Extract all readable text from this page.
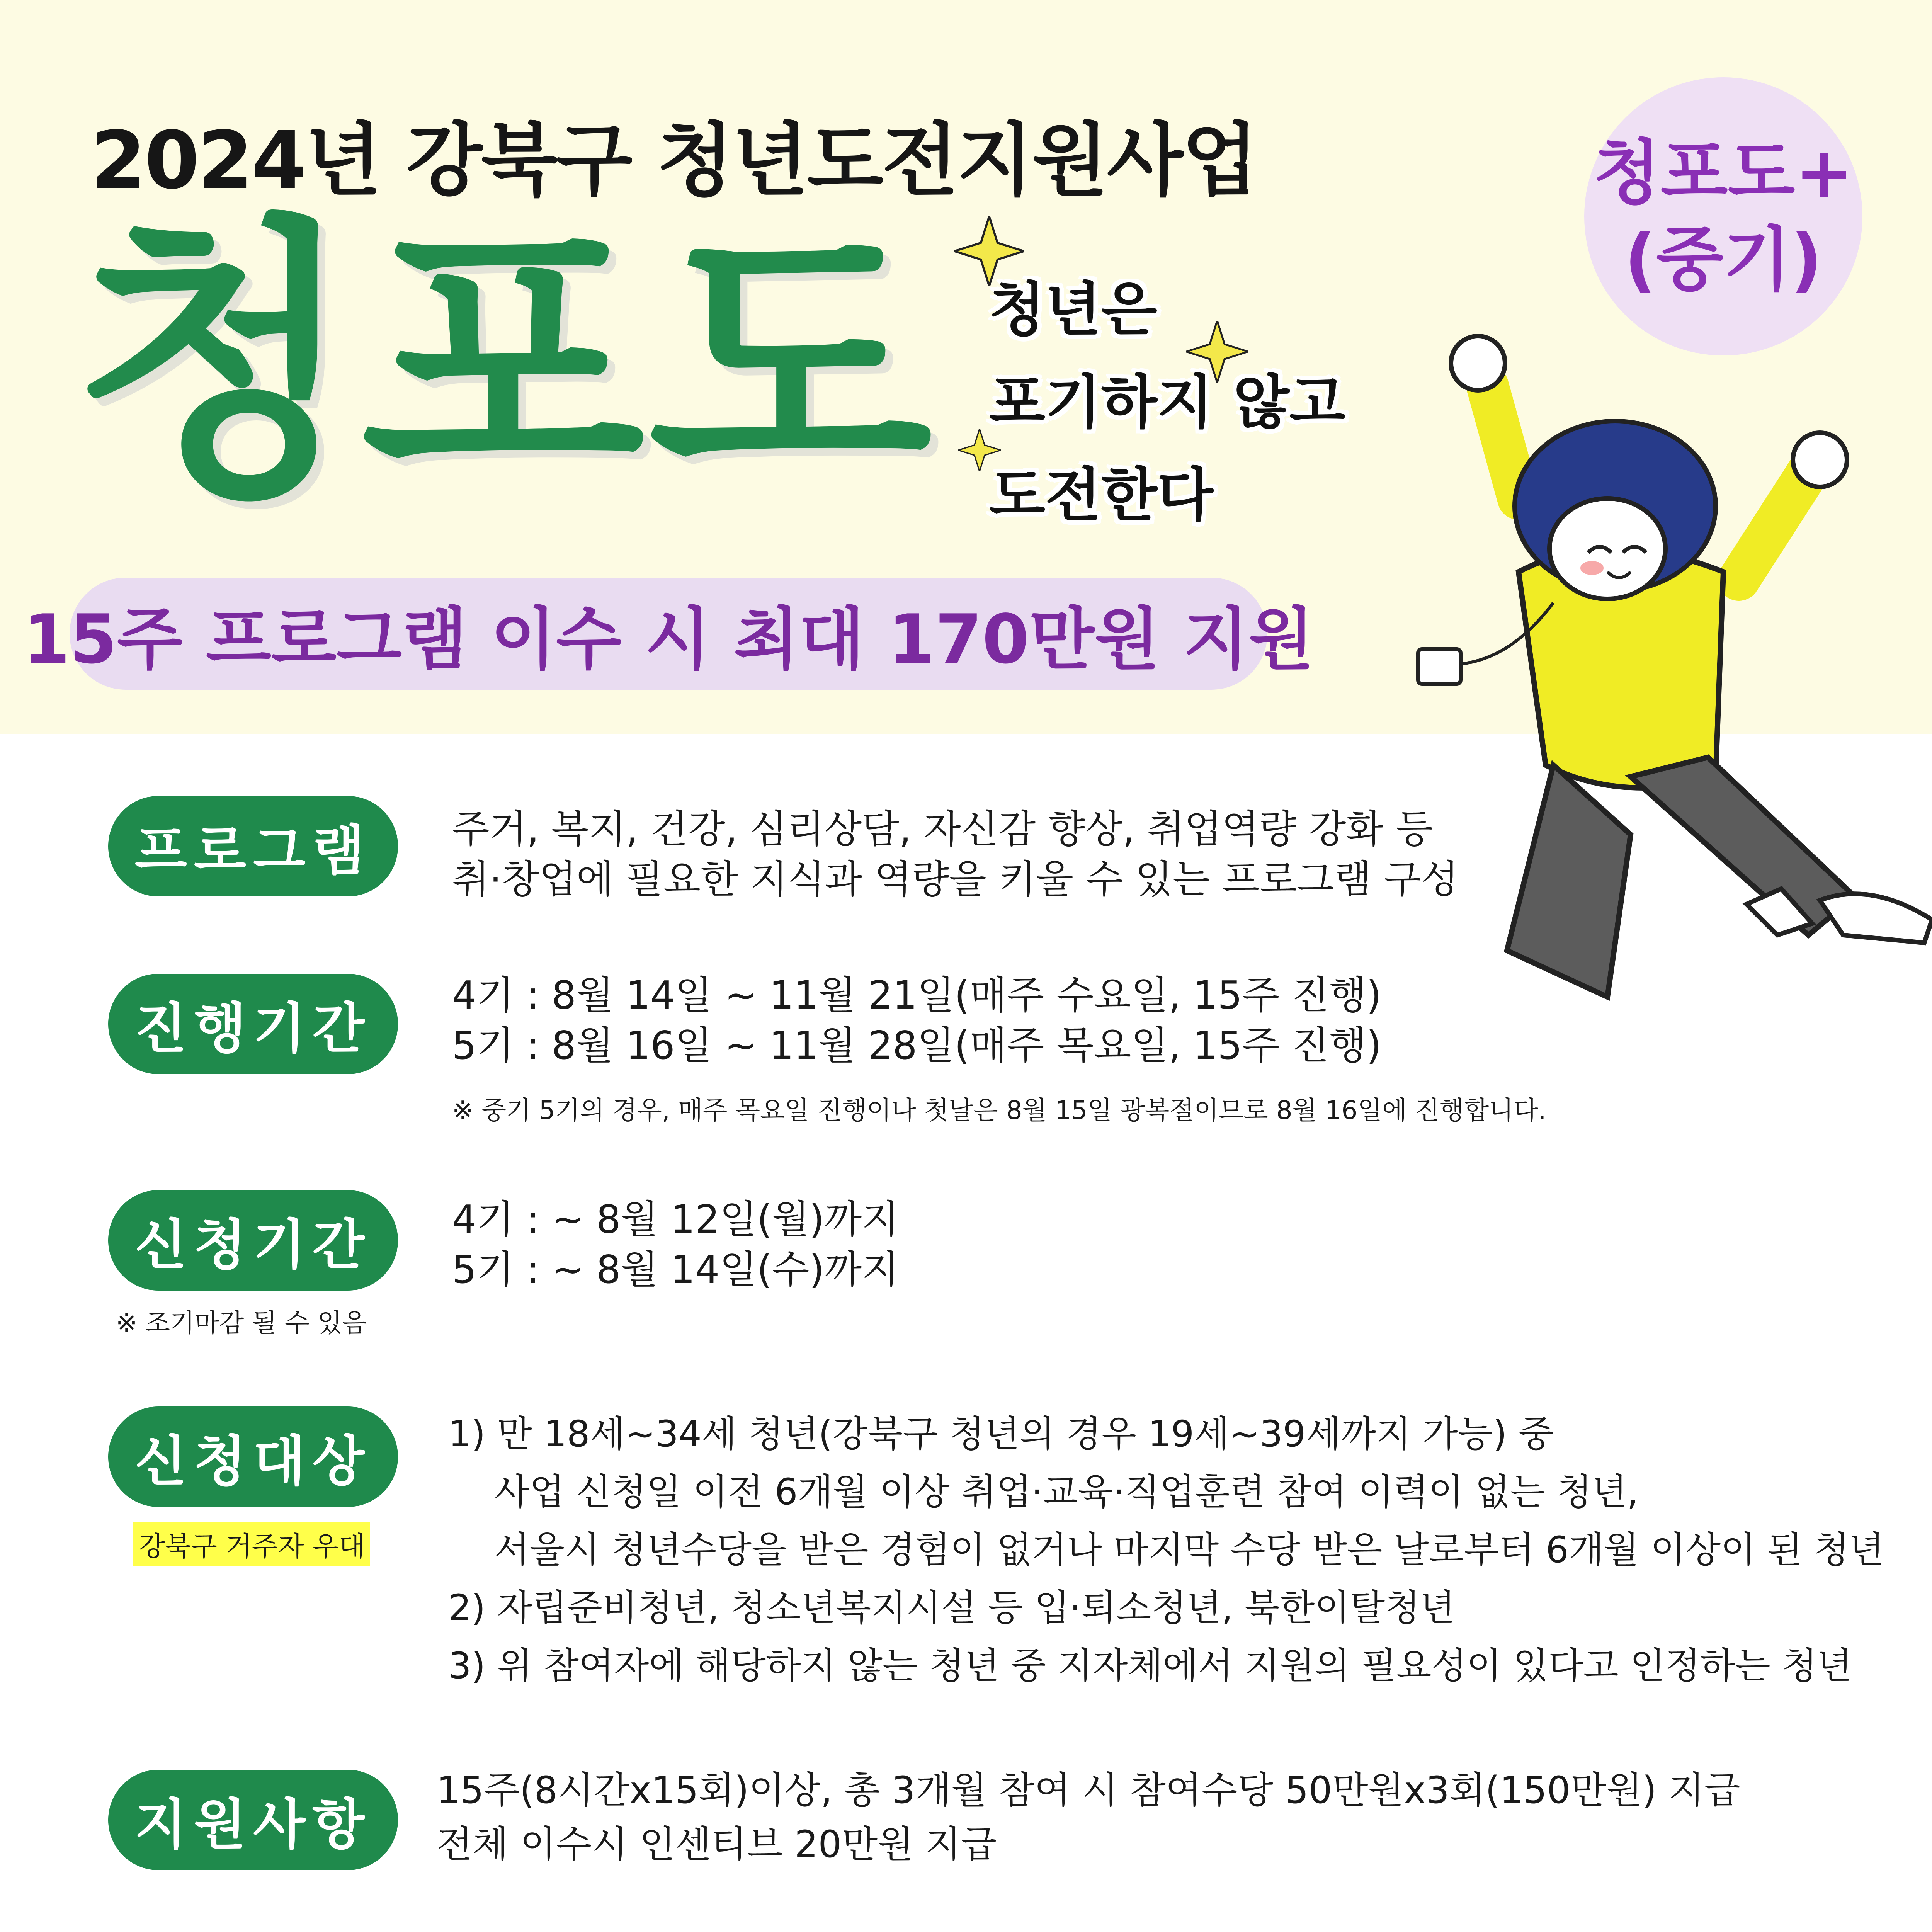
2024년 강북구 청년도전지원사업
청포도 청년은
포기하지 않고
도전한다
청포도+
(중기)
15주 프로그램 이수 시 최대 170만원 지원
프로그램	주거, 복지, 건강, 심리상담, 자신감 향상, 취업역량 강화 등
취·창업에 필요한 지식과 역량을 키울 수 있는 프로그램 구성
진행기간
4기 : 8월 14일 ~ 11월 21일(매주 수요일, 15주 진행)
5기 : 8월 16일 ~ 11월 28일(매주 목요일, 15주 진행)
※ 중기 5기의 경우, 매주 목요일 진행이나 첫날은 8월 15일 광복절이므로 8월 16일에 진행합니다.
신청기간
※ 조기마감 될 수 있음
4기 : ~ 8월 12일(월)까지
5기 : ~ 8월 14일(수)까지
신청대상
강북구 거주자 우대
1) 만 18세~34세 청년(강북구 청년의 경우 19세~39세까지 가능) 중
사업 신청일 이전 6개월 이상 취업·교육·직업훈련 참여 이력이 없는 청년,
서울시 청년수당을 받은 경험이 없거나 마지막 수당 받은 날로부터 6개월 이상이 된 청년
2) 자립준비청년, 청소년복지시설 등 입·퇴소청년, 북한이탈청년
3) 위 참여자에 해당하지 않는 청년 중 지자체에서 지원의 필요성이 있다고 인정하는 청년
지원사항
15주(8시간x15회)이상, 총 3개월 참여 시 참여수당 50만원x3회(150만원) 지급
전체 이수시 인센티브 20만원 지급
